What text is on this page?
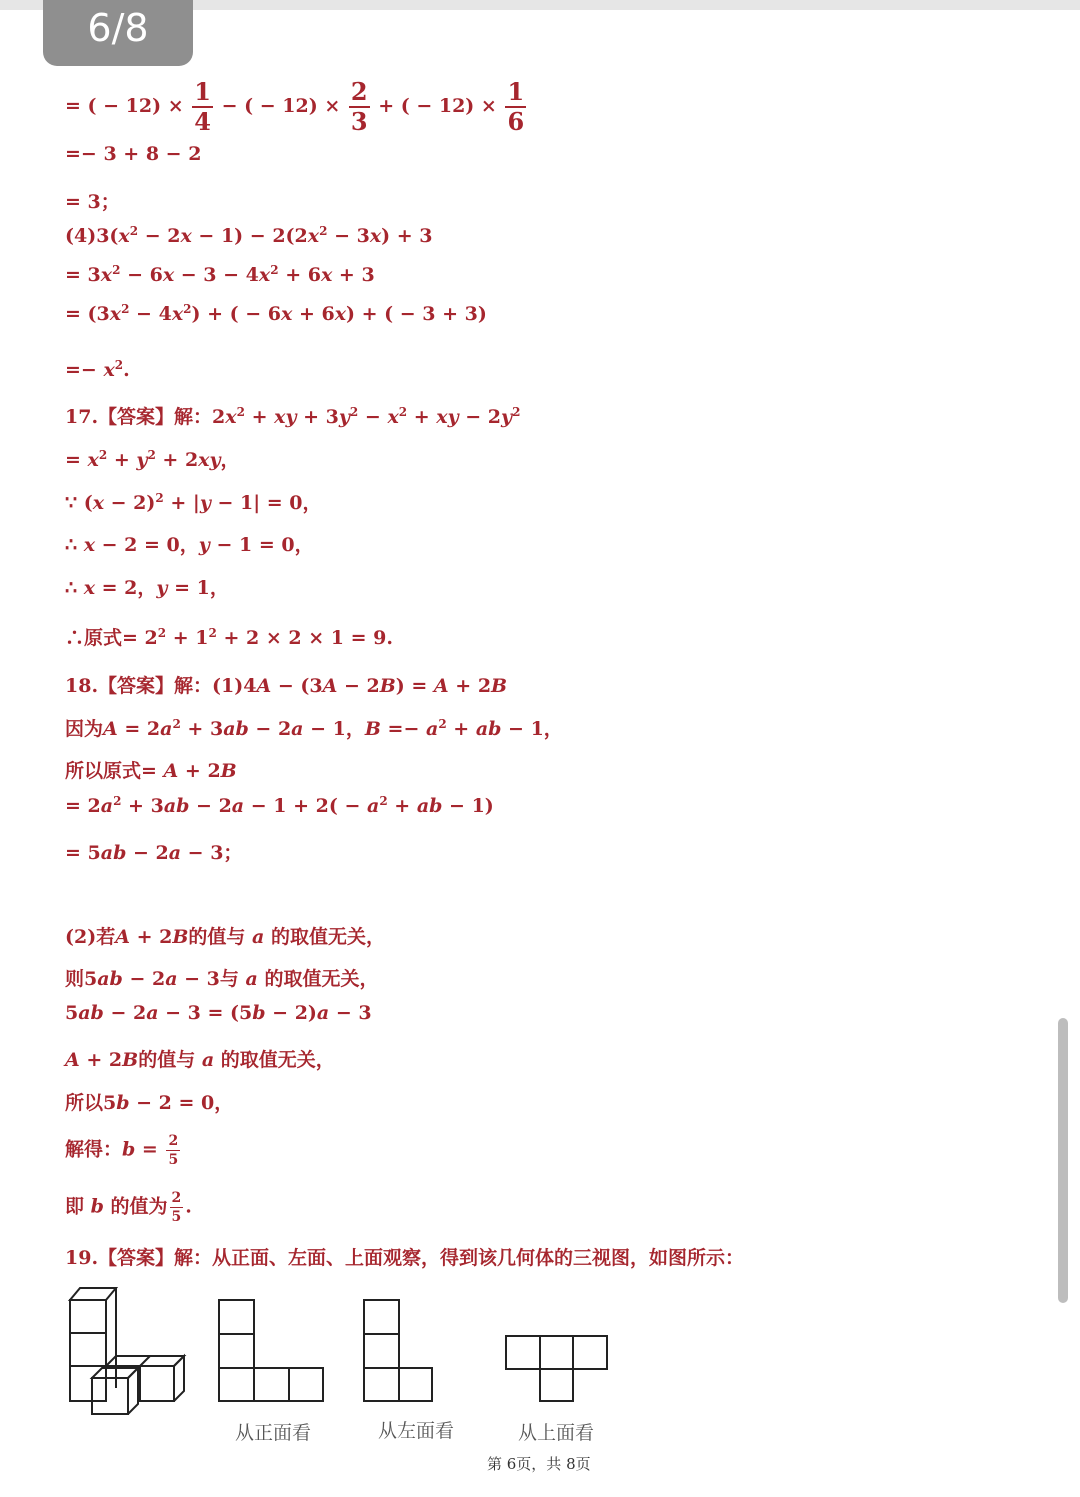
6/8
= ( − $12) \times \frac{1}{4}$ − ( − $12) \times \frac{2}{3}$ + ( − $12) \times \frac{1}{6}$
=− 3 + 8 − 2
= 3；
$(4)3(x^2 - 2x - 1) - 2(2x^2 - 3x) + 3$
= $3x^2 - 6x - 3 - 4x^2 + 6x + 3$
= $(3x^2 - 4x^2)$ + ( − 6x + 6x) + ( − 3 + 3)
=− $x^2$.
17.【答案】解：$2x^2$ + xy + $3y^2 - x^2$ + xy − $2y^2$
= $x^2 + y^2 + 2xy$，
∵ $(x - 2)^2 + |y - 1| = 0$，
∴ x − 2 = 0，y − 1 = 0，
∴ x = 2，y = 1，
∴原式= $2^2 + 1^2 + 2 \times 2 \times 1 = 9$.
18.【答案】解：(1)4A − (3A − 2B) = A + 2B
因为$A = 2a^2 + 3ab - 2a - 1$，$B =- a^2$ + ab − 1，
所以原式= A + 2B
= $2a^2 + 3ab - 2a - 1 + 2( - a^2$ + ab − 1)
= 5ab − 2a − 3；
(2)若A + 2B的值与 a 的取值无关，
则5ab − 2a − 3与 a 的取值无关，
5ab − 2a − 3 = (5b − 2)a − 3
A + 2B的值与 a 的取值无关，
所以5b − 2 = 0，
解得：$b = \frac{2}{5}$
即 b 的值为 $\frac{2}{5}$ .
19.【答案】解：从正面、左面、上面观察，得到该几何体的三视图，如图所示：
从正面看	从左面看	从上面看
第 6页，共 8页
